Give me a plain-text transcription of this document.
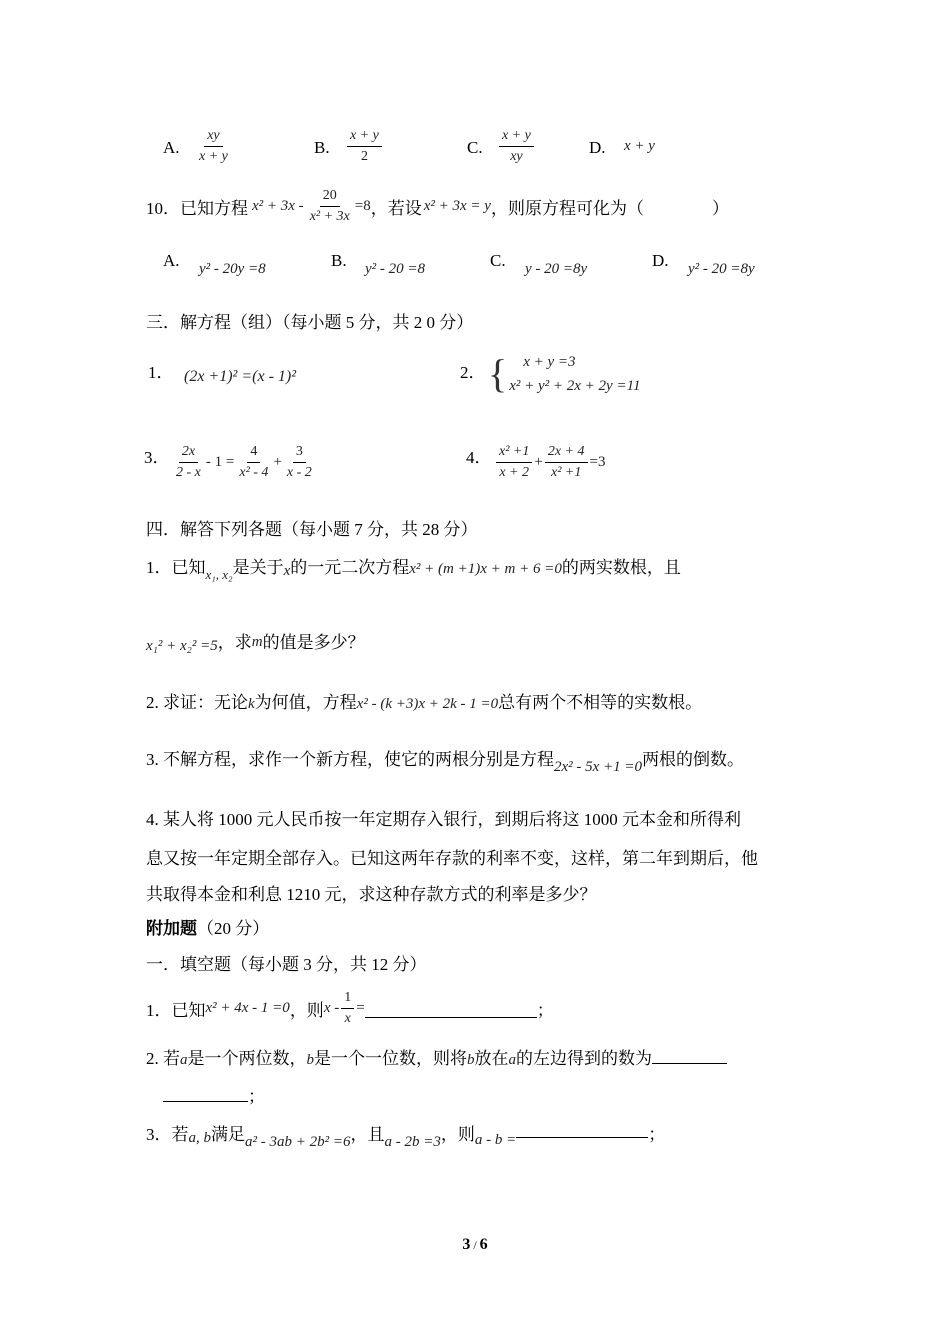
A. $\frac{xy}{x + y}$	B. $\frac{x + y}{2}$	C. $\frac{x + y}{xy}$	D. x + y
10．已知方程 $x^2 + 3x - \frac{20}{\text{x² + 3x}} =8$ ，若设 x² + 3x = y ，则原方程可化为（　　　　）
A. y² - 20y =8	B. y² - 20 =8	C. y - 20 =8y	D. y² - 20 =8y
三．解方程（组）（每小题 5 分，共 2 0 分）
1． (2x +1)² =(x - 1)²	2． { x + y =3
x² + y² + 2x + 2y =11
3． $\frac{2x}{2 - x} - 1 = \frac{4}{\text{x² - 4}} + \frac{3}{x - 2}$	4． $\frac{\text{x² +1}}{x + 2} + \frac{2x + 4}{\text{x² +1}} =3$
四．解答下列各题（每小题 7 分，共 28 分）
1．已知 x₁, x₂ 是关于 x 的一元二次方程 x² + (m +1)x + m + 6 =0 的两实数根，且
x₁² + x₂² =5 ，求 m 的值是多少？
2. 求证：无论 k 为何值，方程 x² - (k +3)x + 2k - 1 =0 总有两个不相等的实数根。
3. 不解方程，求作一个新方程，使它的两根分别是方程 2x² - 5x +1 =0 两根的倒数。
4. 某人将 1000 元人民币按一年定期存入银行，到期后将这 1000 元本金和所得利
息又按一年定期全部存入。已知这两年存款的利率不变，这样，第二年到期后，他
共取得本金和利息 1210 元，求这种存款方式的利率是多少？
附加题（20 分）
一．填空题（每小题 3 分，共 12 分）
1．已知 x² + 4x - 1 =0 ，则 x - $\frac{1}{x}$ =	；
2. 若 a 是一个两位数， b 是一个一位数，则将 b 放在 a 的左边得到的数为
；
3．若 a, b 满足 a² - 3ab + 2b² =6 ，且 a - 2b =3 ，则 a - b =	；
3 / 6
